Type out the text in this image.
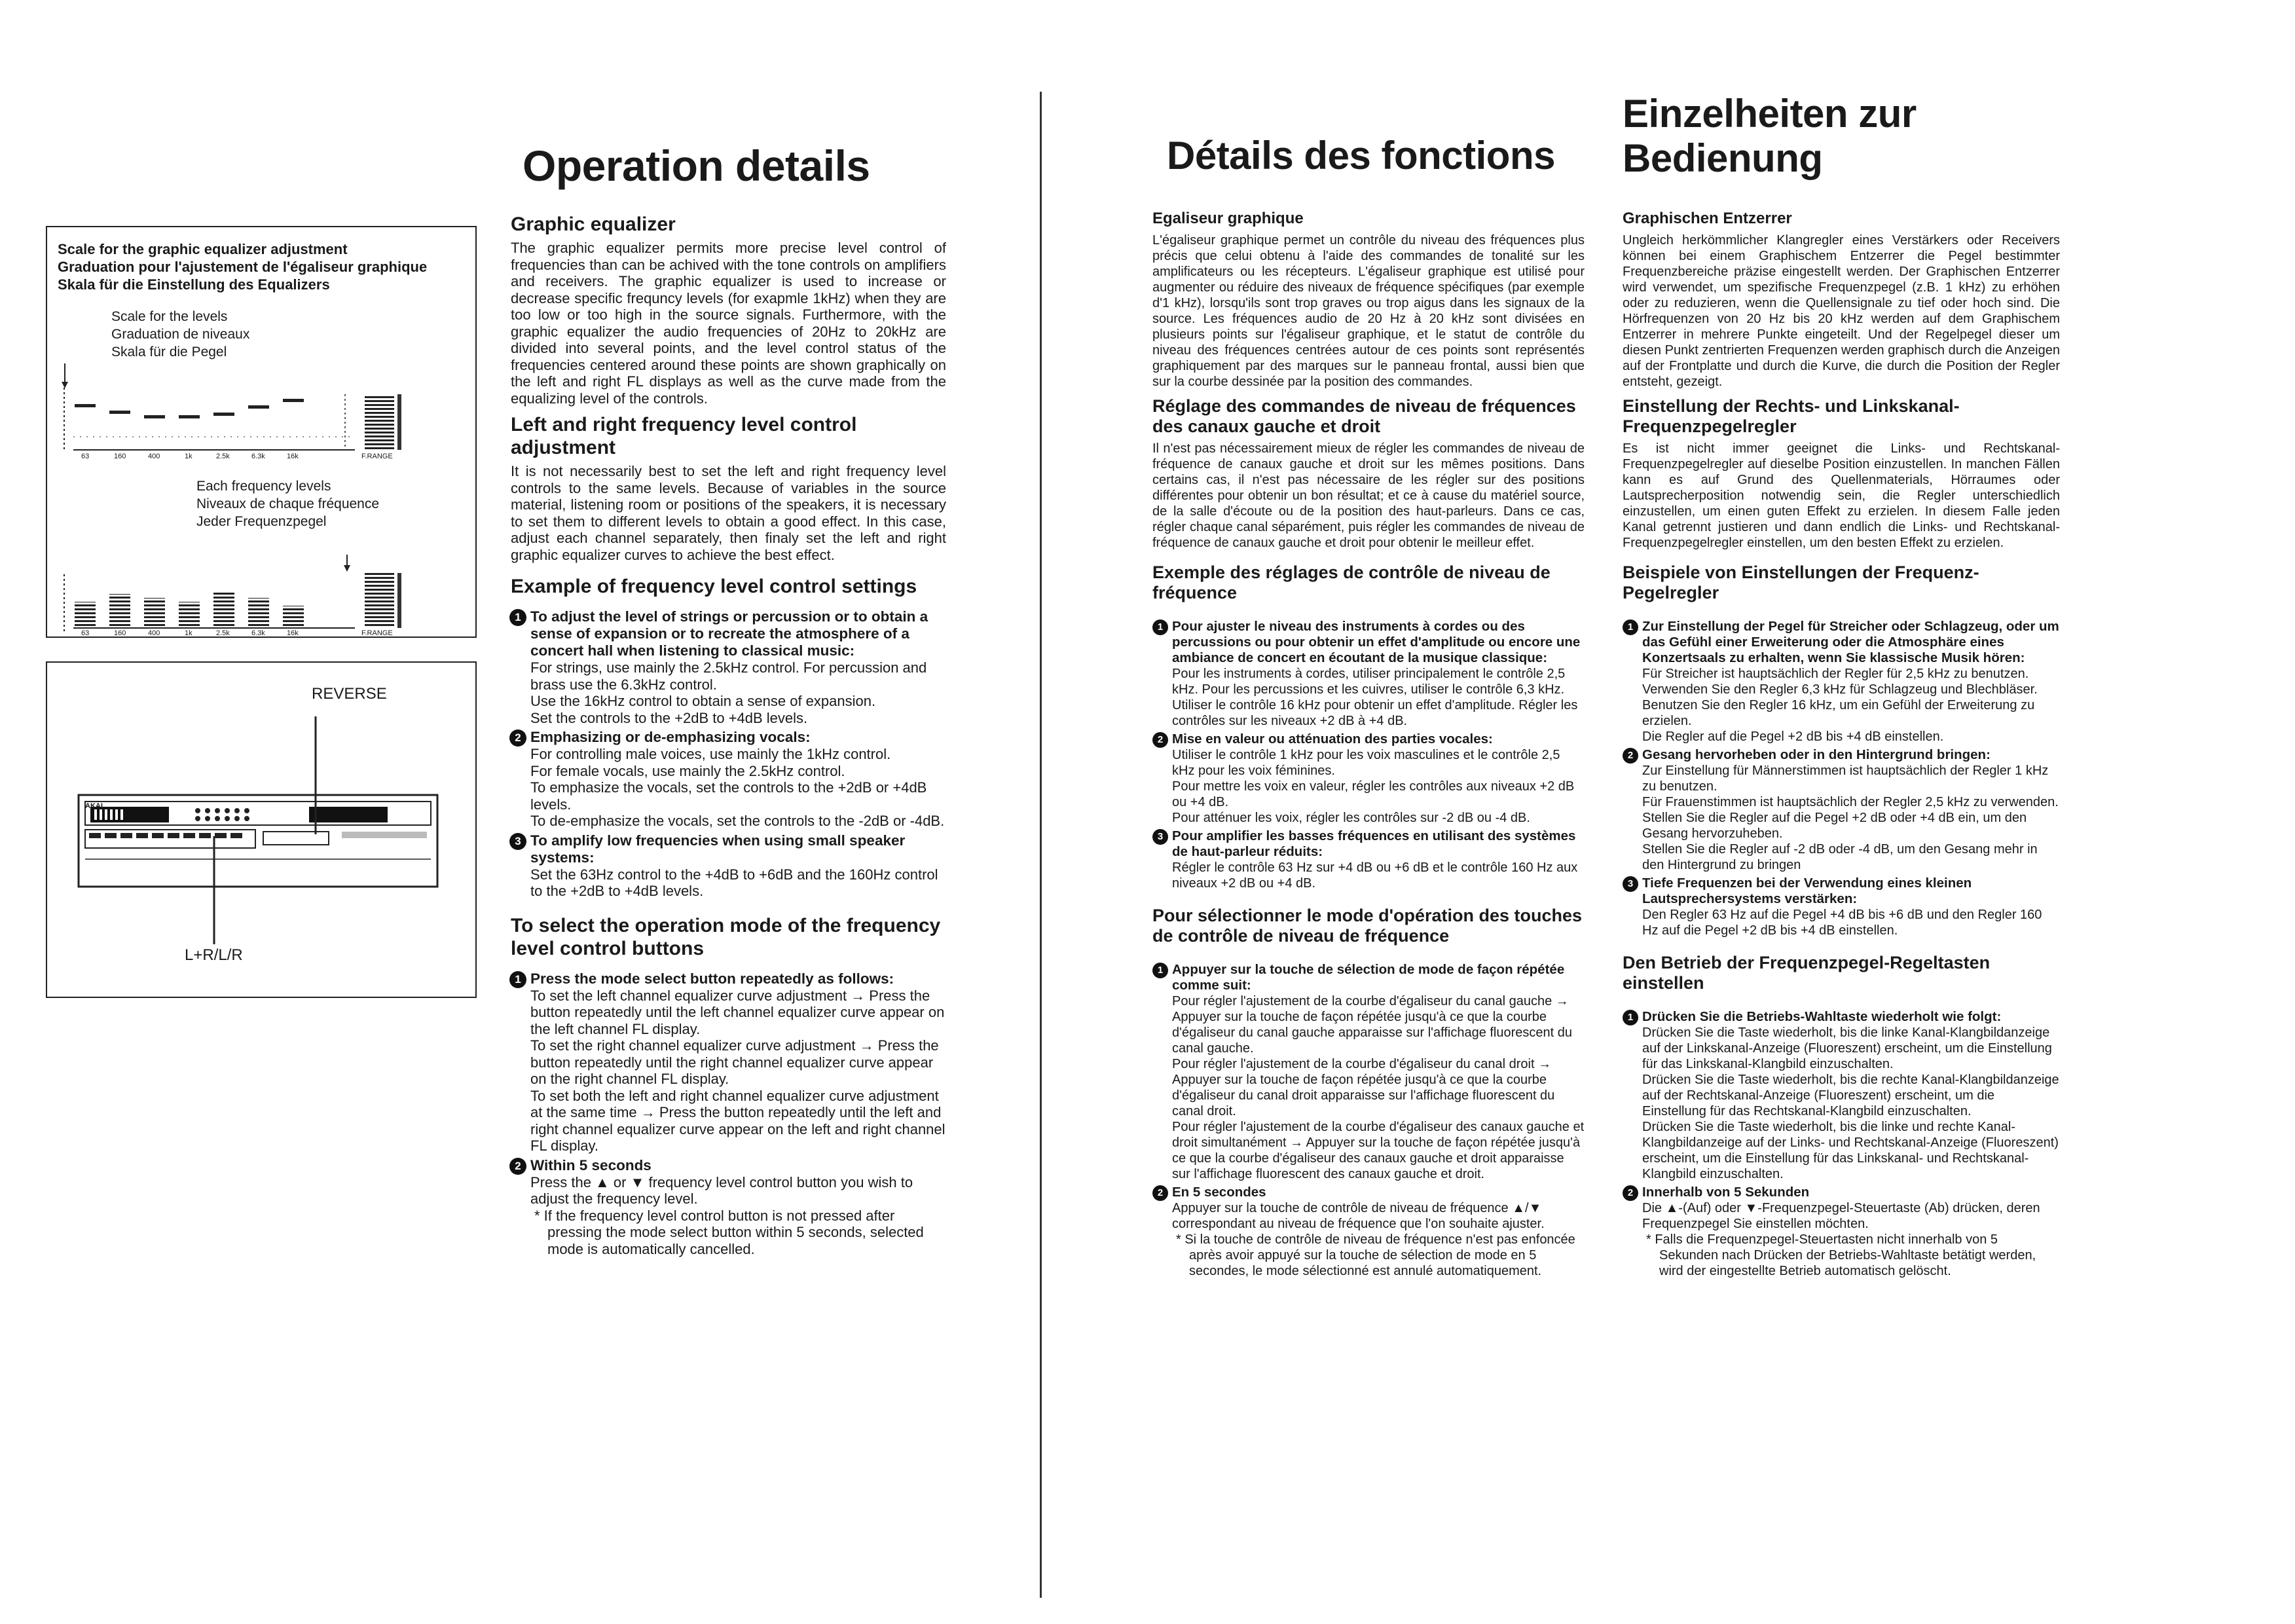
Scale for the graphic equalizer adjustment
Graduation pour l'ajustement de l'égaliseur graphique
Skala für die Einstellung des Equalizers
Scale for the levels
Graduation de niveaux
Skala für die Pegel
63	160	400	1k	2.5k	6.3k	16k	F.RANGE
Each frequency levels
Niveaux de chaque fréquence
Jeder Frequenzpegel
63	160	400	1k	2.5k	6.3k	16k	F.RANGE
REVERSE
L+R/L/R
AKAI
Operation details
Graphic equalizer

The graphic equalizer permits more precise level control of frequencies than can be achived with the tone controls on amplifiers and receivers. The graphic equalizer is used to increase or decrease specific frequncy levels (for exapmle 1kHz) when they are too low or too high in the source signals. Furthermore, with the graphic equalizer the audio frequencies of 20Hz to 20kHz are divided into several points, and the level control status of the frequencies centered around these points are shown graphically on the left and right FL displays as well as the curve made from the equalizing level of the controls.

Left and right frequency level control adjustment

It is not necessarily best to set the left and right frequency level controls to the same levels. Because of variables in the source material, listening room or positions of the speakers, it is necessary to set them to different levels to obtain a good effect. In this case, adjust each channel separately, then finaly set the left and right graphic equalizer curves to achieve the best effect.

Example of frequency level control settings
1 To adjust the level of strings or percussion or to obtain a sense of expansion or to recreate the atmosphere of a concert hall when listening to classical music:

For strings, use mainly the 2.5kHz control. For percussion and brass use the 6.3kHz control.

Use the 16kHz control to obtain a sense of expansion.

Set the controls to the +2dB to +4dB levels.

2 Emphasizing or de-emphasizing vocals:

For controlling male voices, use mainly the 1kHz control.

For female vocals, use mainly the 2.5kHz control.

To emphasize the vocals, set the controls to the +2dB or +4dB levels.

To de-emphasize the vocals, set the controls to the -2dB or -4dB.

3 To amplify low frequencies when using small speaker systems:

Set the 63Hz control to the +4dB to +6dB and the 160Hz control to the +2dB to +4dB levels.

To select the operation mode of the frequency level control buttons
1 Press the mode select button repeatedly as follows:

To set the left channel equalizer curve adjustment → Press the button repeatedly until the left channel equalizer curve appear on the left channel FL display.

To set the right channel equalizer curve adjustment → Press the button repeatedly until the right channel equalizer curve appear on the right channel FL display.

To set both the left and right channel equalizer curve adjustment at the same time → Press the button repeatedly until the left and right channel equalizer curve appear on the left and right channel FL display.

2 Within 5 seconds

Press the ▲ or ▼ frequency level control button you wish to adjust the frequency level.

* If the frequency level control button is not pressed after pressing the mode select button within 5 seconds, selected mode is automatically cancelled.

Détails des fonctions
Egaliseur graphique

L'égaliseur graphique permet un contrôle du niveau des fréquences plus précis que celui obtenu à l'aide des commandes de tonalité sur les amplificateurs ou les récepteurs. L'égaliseur graphique est utilisé pour augmenter ou réduire des niveaux de fréquence spécifiques (par exemple d'1 kHz), lorsqu'ils sont trop graves ou trop aigus dans les signaux de la source. Les fréquences audio de 20 Hz à 20 kHz sont divisées en plusieurs points sur l'égaliseur graphique, et le statut de contrôle du niveau des fréquences centrées autour de ces points sont représentés graphiquement par des marques sur le panneau frontal, aussi bien que sur la courbe dessinée par la position des commandes.

Réglage des commandes de niveau de fréquences des canaux gauche et droit

Il n'est pas nécessairement mieux de régler les commandes de niveau de fréquence de canaux gauche et droit sur les mêmes positions. Dans certains cas, il n'est pas nécessaire de les régler sur des positions différentes pour obtenir un bon résultat; et ce à cause du matériel source, de la salle d'écoute ou de la position des haut-parleurs. Dans ce cas, régler chaque canal séparément, puis régler les commandes de niveau de fréquence de canaux gauche et droit pour obtenir le meilleur effet.

Exemple des réglages de contrôle de niveau de fréquence
1 Pour ajuster le niveau des instruments à cordes ou des percussions ou pour obtenir un effet d'amplitude ou encore une ambiance de concert en écoutant de la musique classique:

Pour les instruments à cordes, utiliser principalement le contrôle 2,5 kHz. Pour les percussions et les cuivres, utiliser le contrôle 6,3 kHz.

Utiliser le contrôle 16 kHz pour obtenir un effet d'amplitude. Régler les contrôles sur les niveaux +2 dB à +4 dB.

2 Mise en valeur ou atténuation des parties vocales:

Utiliser le contrôle 1 kHz pour les voix masculines et le contrôle 2,5 kHz pour les voix féminines.

Pour mettre les voix en valeur, régler les contrôles aux niveaux +2 dB ou +4 dB.

Pour atténuer les voix, régler les contrôles sur -2 dB ou -4 dB.

3 Pour amplifier les basses fréquences en utilisant des systèmes de haut-parleur réduits:

Régler le contrôle 63 Hz sur +4 dB ou +6 dB et le contrôle 160 Hz aux niveaux +2 dB ou +4 dB.

Pour sélectionner le mode d'opération des touches de contrôle de niveau de fréquence
1 Appuyer sur la touche de sélection de mode de façon répétée comme suit:

Pour régler l'ajustement de la courbe d'égaliseur du canal gauche → Appuyer sur la touche de façon répétée jusqu'à ce que la courbe d'égaliseur du canal gauche apparaisse sur l'affichage fluorescent du canal gauche.

Pour régler l'ajustement de la courbe d'égaliseur du canal droit → Appuyer sur la touche de façon répétée jusqu'à ce que la courbe d'égaliseur du canal droit apparaisse sur l'affichage fluorescent du canal droit.

Pour régler l'ajustement de la courbe d'égaliseur des canaux gauche et droit simultanément → Appuyer sur la touche de façon répétée jusqu'à ce que la courbe d'égaliseur des canaux gauche et droit apparaisse sur l'affichage fluorescent des canaux gauche et droit.

2 En 5 secondes

Appuyer sur la touche de contrôle de niveau de fréquence ▲/▼ correspondant au niveau de fréquence que l'on souhaite ajuster.

* Si la touche de contrôle de niveau de fréquence n'est pas enfoncée après avoir appuyé sur la touche de sélection de mode en 5 secondes, le mode sélectionné est annulé automatiquement.

Einzelheiten zur Bedienung
Graphischen Entzerrer

Ungleich herkömmlicher Klangregler eines Verstärkers oder Receivers können bei einem Graphischem Entzerrer die Pegel bestimmter Frequenzbereiche präzise eingestellt werden. Der Graphischen Entzerrer wird verwendet, um spezifische Frequenzpegel (z.B. 1 kHz) zu erhöhen oder zu reduzieren, wenn die Quellensignale zu tief oder hoch sind. Die Hörfrequenzen von 20 Hz bis 20 kHz werden auf dem Graphischem Entzerrer in mehrere Punkte eingeteilt. Und der Regelpegel dieser um diesen Punkt zentrierten Frequenzen werden graphisch durch die Anzeigen auf der Frontplatte und durch die Kurve, die durch die Position der Regler entsteht, gezeigt.

Einstellung der Rechts- und Linkskanal-Frequenzpegelregler

Es ist nicht immer geeignet die Links- und Rechtskanal-Frequenzpegelregler auf dieselbe Position einzustellen. In manchen Fällen kann es auf Grund des Quellenmaterials, Hörraumes oder Lautsprecherposition notwendig sein, die Regler unterschiedlich einzustellen, um einen guten Effekt zu erzielen. In diesem Falle jeden Kanal getrennt justieren und dann endlich die Links- und Rechtskanal-Frequenzpegelregler einstellen, um den besten Effekt zu erzielen.

Beispiele von Einstellungen der Frequenz-Pegelregler
1 Zur Einstellung der Pegel für Streicher oder Schlagzeug, oder um das Gefühl einer Erweiterung oder die Atmosphäre eines Konzertsaals zu erhalten, wenn Sie klassische Musik hören:

Für Streicher ist hauptsächlich der Regler für 2,5 kHz zu benutzen. Verwenden Sie den Regler 6,3 kHz für Schlagzeug und Blechbläser.

Benutzen Sie den Regler 16 kHz, um ein Gefühl der Erweiterung zu erzielen.

Die Regler auf die Pegel +2 dB bis +4 dB einstellen.

2 Gesang hervorheben oder in den Hintergrund bringen:

Zur Einstellung für Männerstimmen ist hauptsächlich der Regler 1 kHz zu benutzen.

Für Frauenstimmen ist hauptsächlich der Regler 2,5 kHz zu verwenden.

Stellen Sie die Regler auf die Pegel +2 dB oder +4 dB ein, um den Gesang hervorzuheben.

Stellen Sie die Regler auf -2 dB oder -4 dB, um den Gesang mehr in den Hintergrund zu bringen

3 Tiefe Frequenzen bei der Verwendung eines kleinen Lautsprechersystems verstärken:

Den Regler 63 Hz auf die Pegel +4 dB bis +6 dB und den Regler 160 Hz auf die Pegel +2 dB bis +4 dB einstellen.

Den Betrieb der Frequenzpegel-Regeltasten einstellen
1 Drücken Sie die Betriebs-Wahltaste wiederholt wie folgt:

Drücken Sie die Taste wiederholt, bis die linke Kanal-Klangbildanzeige auf der Linkskanal-Anzeige (Fluoreszent) erscheint, um die Einstellung für das Linkskanal-Klangbild einzuschalten.

Drücken Sie die Taste wiederholt, bis die rechte Kanal-Klangbildanzeige auf der Rechtskanal-Anzeige (Fluoreszent) erscheint, um die Einstellung für das Rechtskanal-Klangbild einzuschalten.

Drücken Sie die Taste wiederholt, bis die linke und rechte Kanal-Klangbildanzeige auf der Links- und Rechtskanal-Anzeige (Fluoreszent) erscheint, um die Einstellung für das Linkskanal- und Rechtskanal-Klangbild einzuschalten.

2 Innerhalb von 5 Sekunden

Die ▲-(Auf) oder ▼-Frequenzpegel-Steuertaste (Ab) drücken, deren Frequenzpegel Sie einstellen möchten.

* Falls die Frequenzpegel-Steuertasten nicht innerhalb von 5 Sekunden nach Drücken der Betriebs-Wahltaste betätigt werden, wird der eingestellte Betrieb automatisch gelöscht.
